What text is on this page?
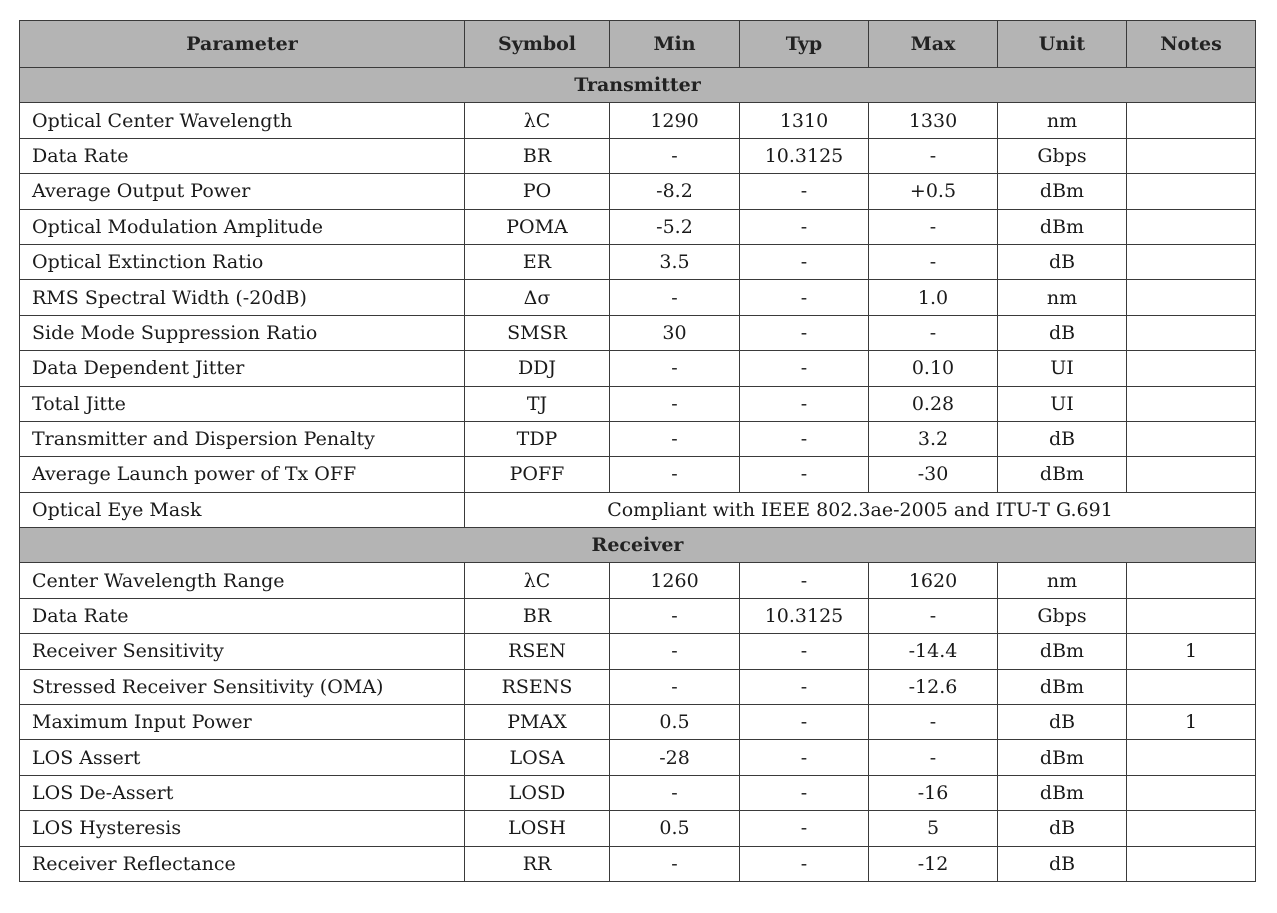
Parameter	Symbol	Min	Typ	Max	Unit	Notes
Transmitter						
Optical Center Wavelength	λC	1290	1310	1330	nm	
Data Rate	BR	-	10.3125	-	Gbps	
Average Output Power	PO	-8.2	-	+0.5	dBm	
Optical Modulation Amplitude	POMA	-5.2	-	-	dBm	
Optical Extinction Ratio	ER	3.5	-	-	dB	
RMS Spectral Width (-20dB)	Δσ	-	-	1.0	nm	
Side Mode Suppression Ratio	SMSR	30	-	-	dB	
Data Dependent Jitter	DDJ	-	-	0.10	UI	
Total Jitte	TJ	-	-	0.28	UI	
Transmitter and Dispersion Penalty	TDP	-	-	3.2	dB	
Average Launch power of Tx OFF	POFF	-	-	-30	dBm	
Optical Eye Mask	Compliant with IEEE 802.3ae-2005 and ITU-T G.691					
Receiver						
Center Wavelength Range	λC	1260	-	1620	nm	
Data Rate	BR	-	10.3125	-	Gbps	
Receiver Sensitivity	RSEN	-	-	-14.4	dBm	1
Stressed Receiver Sensitivity (OMA)	RSENS	-	-	-12.6	dBm	
Maximum Input Power	PMAX	0.5	-	-	dB	1
LOS Assert	LOSA	-28	-	-	dBm	
LOS De-Assert	LOSD	-	-	-16	dBm	
LOS Hysteresis	LOSH	0.5	-	5	dB	
Receiver Reflectance	RR	-	-	-12	dB	
